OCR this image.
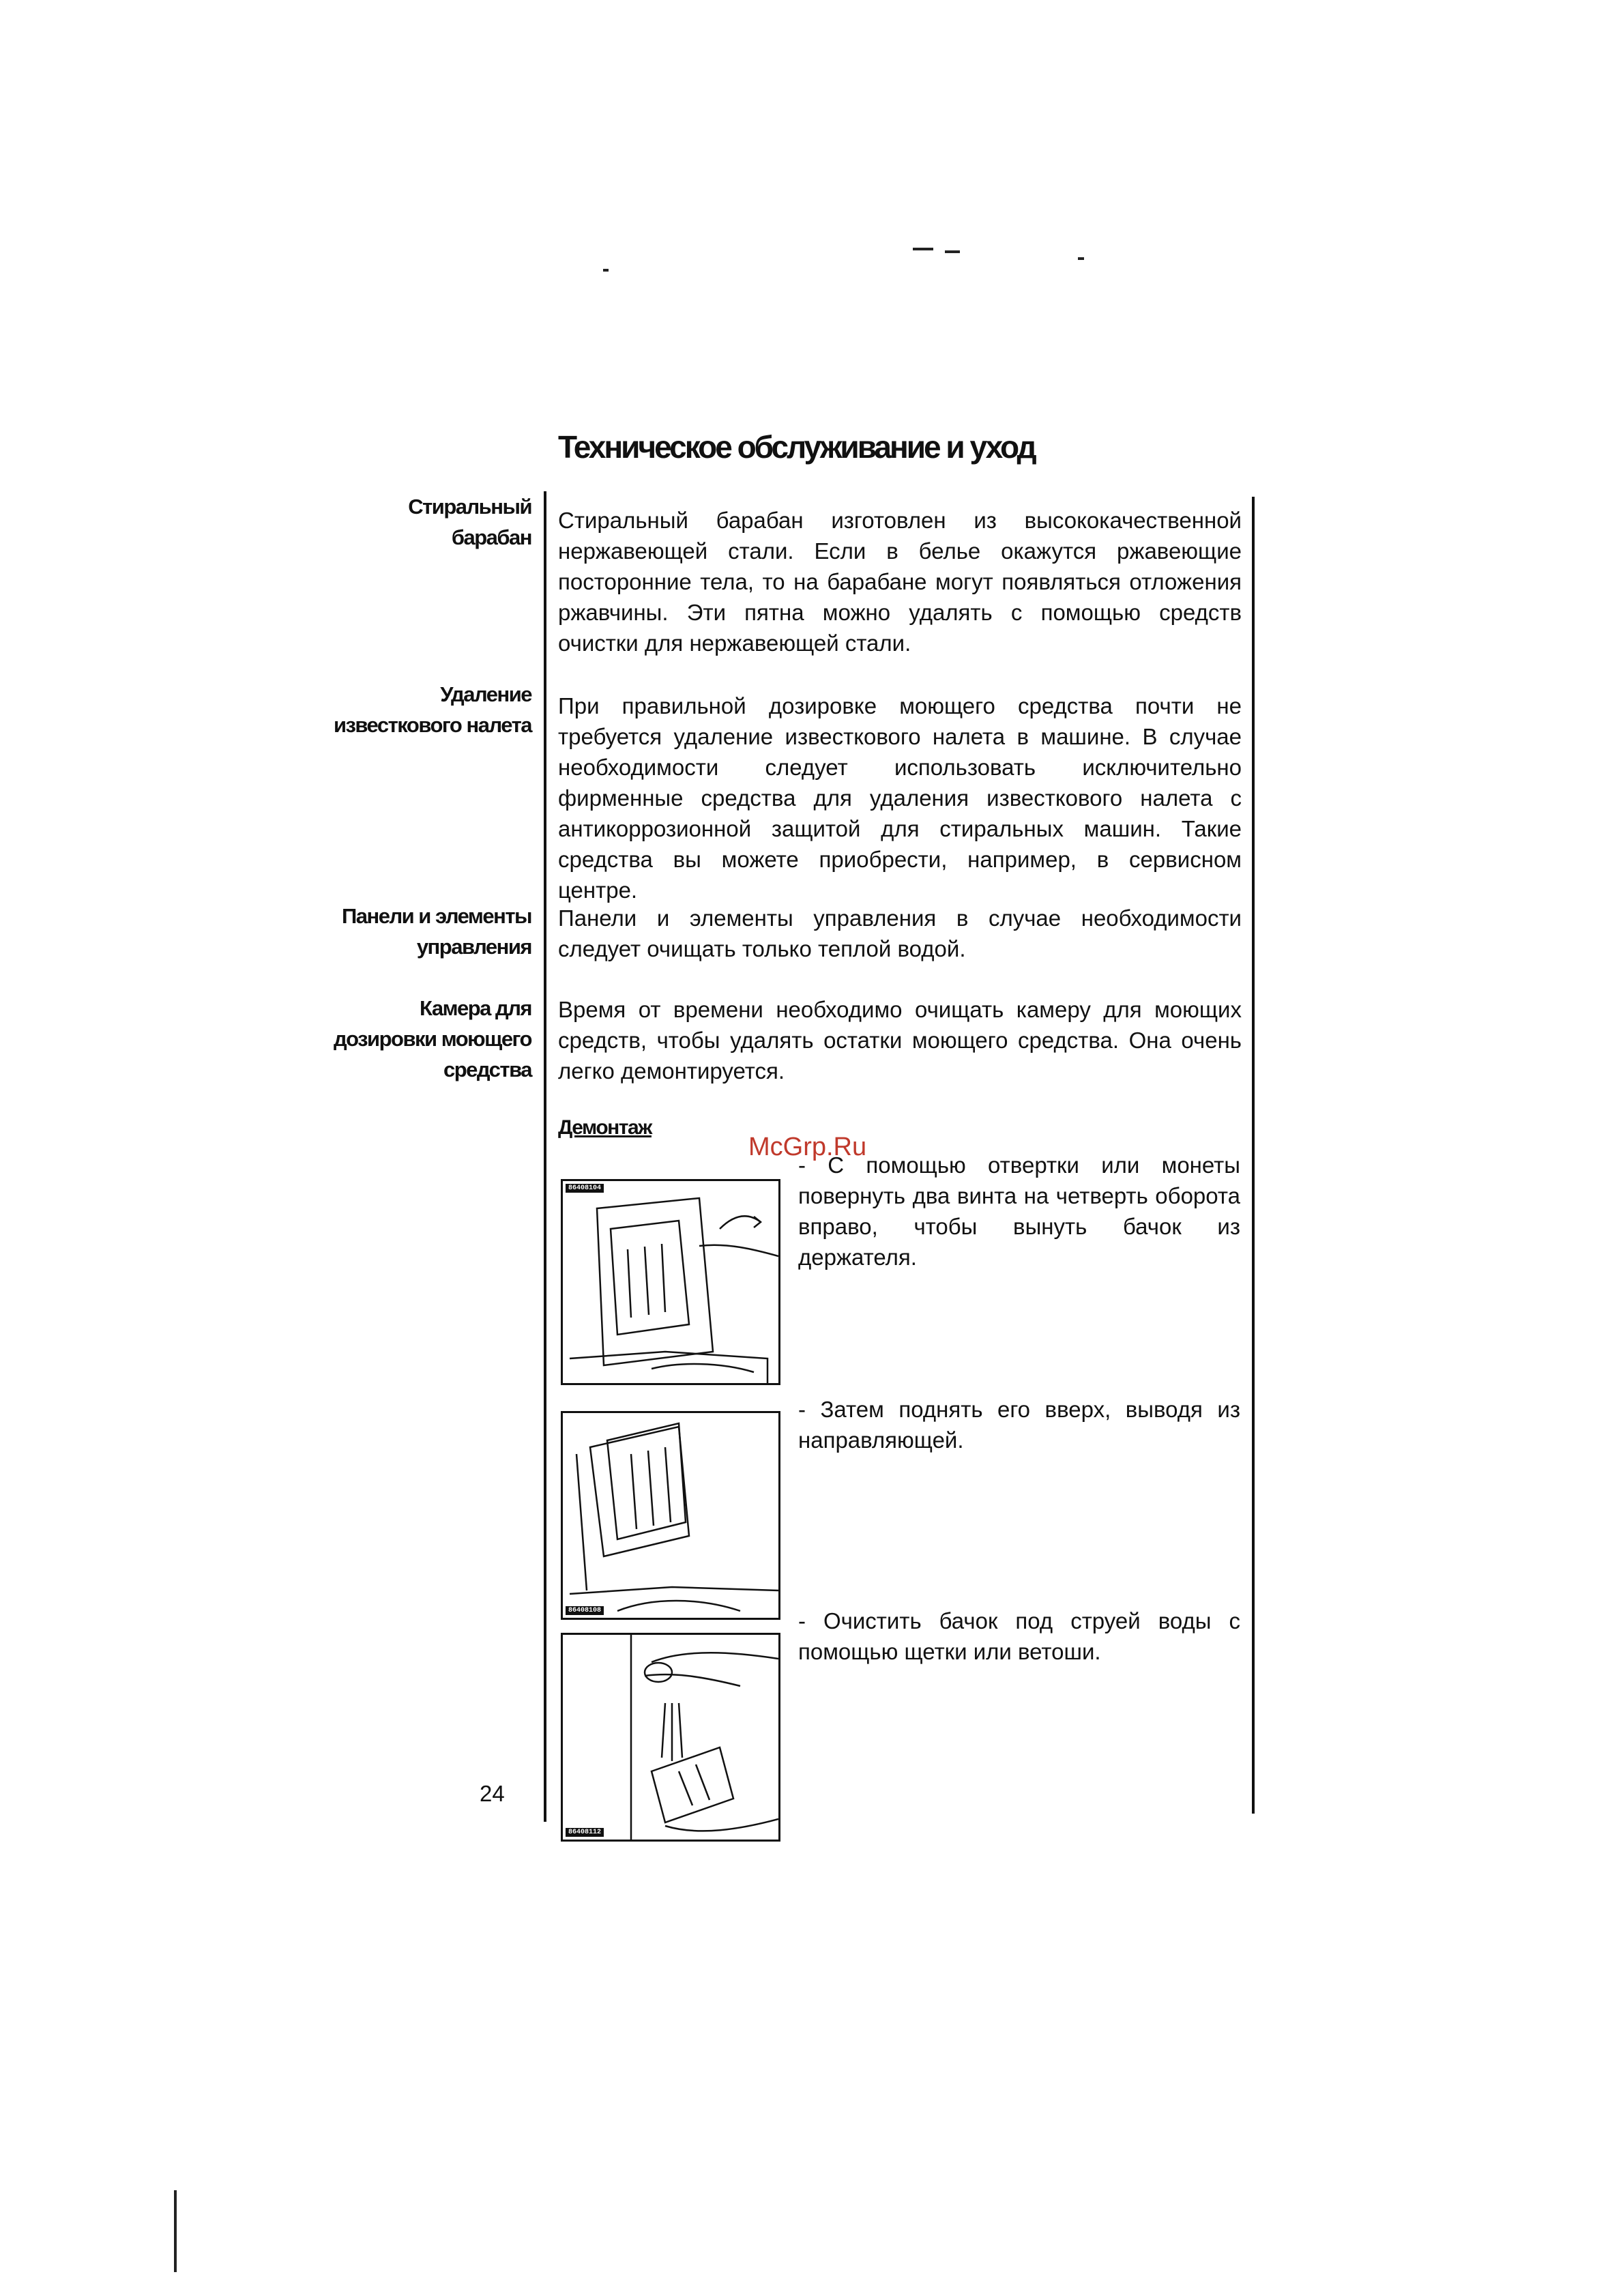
Техническое обслуживание и уход
Стиральный барабан
Удаление известкового налета
Панели и элементы управления
Камера для дозировки моющего средства
Стиральный барабан изготовлен из высококачественной нержавеющей стали. Если в белье окажутся ржавеющие посторонние тела, то на барабане могут появляться отложения ржавчины. Эти пятна можно удалять с помощью средств очистки для нержавеющей стали.
При правильной дозировке моющего средства почти не требуется удаление известкового налета в машине. В случае необходимости следует использовать исключительно фирменные средства для удаления известкового налета с антикоррозионной защитой для стиральных машин. Такие средства вы можете приобрести, например, в сервисном центре.
Панели и элементы управления в случае необходимости следует очищать только теплой водой.
Время от времени необходимо очищать камеру для моющих средств, чтобы удалять остатки моющего средства. Она очень легко демонтируется.
Демонтаж
McGrp.Ru
86408104
- С помощью отвертки или монеты повернуть два винта на четверть оборота вправо, чтобы вынуть бачок из держателя.
86408108
- Затем поднять его вверх, выводя из направляющей.
86408112
- Очистить бачок под струей воды с помощью щетки или ветоши.
24
